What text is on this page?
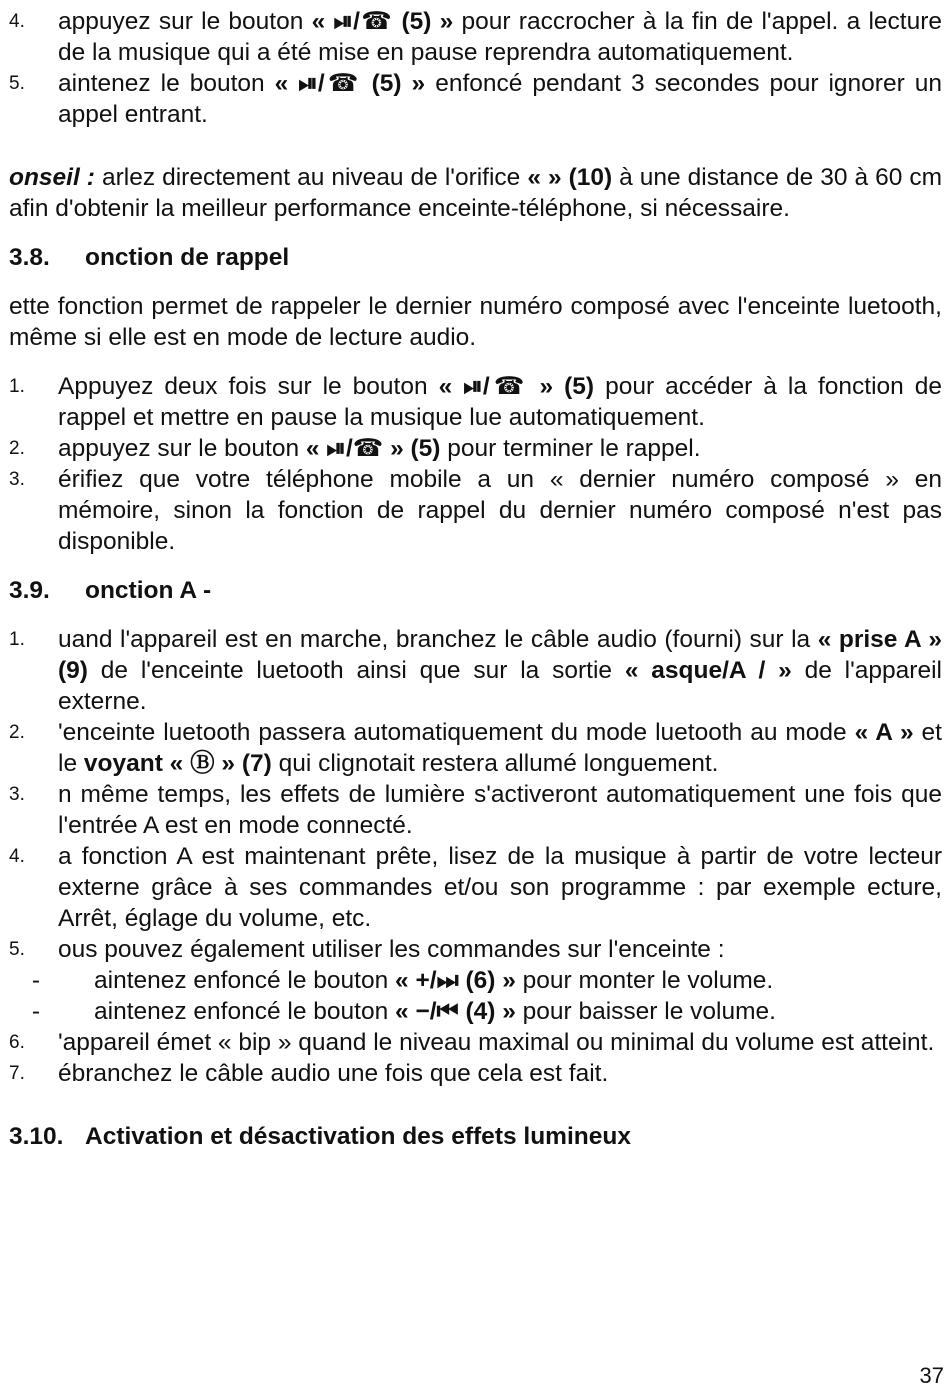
4.	appuyez sur le bouton « ⏯/☎ (5) » pour raccrocher à la fin de l'appel. a lecture de la musique qui a été mise en pause reprendra automatiquement.
5.	aintenez le bouton « ⏯/☎ (5) » enfoncé pendant 3 secondes pour ignorer un appel entrant.

onseil : arlez directement au niveau de l'orifice « » (10) à une distance de 30 à 60 cm afin d'obtenir la meilleur performance enceinte-téléphone, si nécessaire.

3.8. onction de rappel

ette fonction permet de rappeler le dernier numéro composé avec l'enceinte luetooth, même si elle est en mode de lecture audio.

1.	Appuyez deux fois sur le bouton « ⏯/☎ » (5) pour accéder à la fonction de rappel et mettre en pause la musique lue automatiquement.
2.	appuyez sur le bouton « ⏯/☎ » (5) pour terminer le rappel.
3.	érifiez que votre téléphone mobile a un « dernier numéro composé » en mémoire, sinon la fonction de rappel du dernier numéro composé n'est pas disponible.
3.9. onction A -
1.	uand l'appareil est en marche, branchez le câble audio (fourni) sur la « prise A » (9) de l'enceinte luetooth ainsi que sur la sortie « asque/A / » de l'appareil externe.
2.	'enceinte luetooth passera automatiquement du mode luetooth au mode « A » et le voyant « Ⓑ » (7) qui clignotait restera allumé longuement.
3.	n même temps, les effets de lumière s'activeront automatiquement une fois que l'entrée A est en mode connecté.
4.	a fonction A est maintenant prête, lisez de la musique à partir de votre lecteur externe grâce à ses commandes et/ou son programme : par exemple ecture, Arrêt, églage du volume, etc.
5.	ous pouvez également utiliser les commandes sur l'enceinte :
-	aintenez enfoncé le bouton « +/⏭ (6) » pour monter le volume.
-	aintenez enfoncé le bouton « −/⏮ (4) » pour baisser le volume.
6.	'appareil émet « bip » quand le niveau maximal ou minimal du volume est atteint.
7.	ébranchez le câble audio une fois que cela est fait.
3.10. Activation et désactivation des effets lumineux
37
